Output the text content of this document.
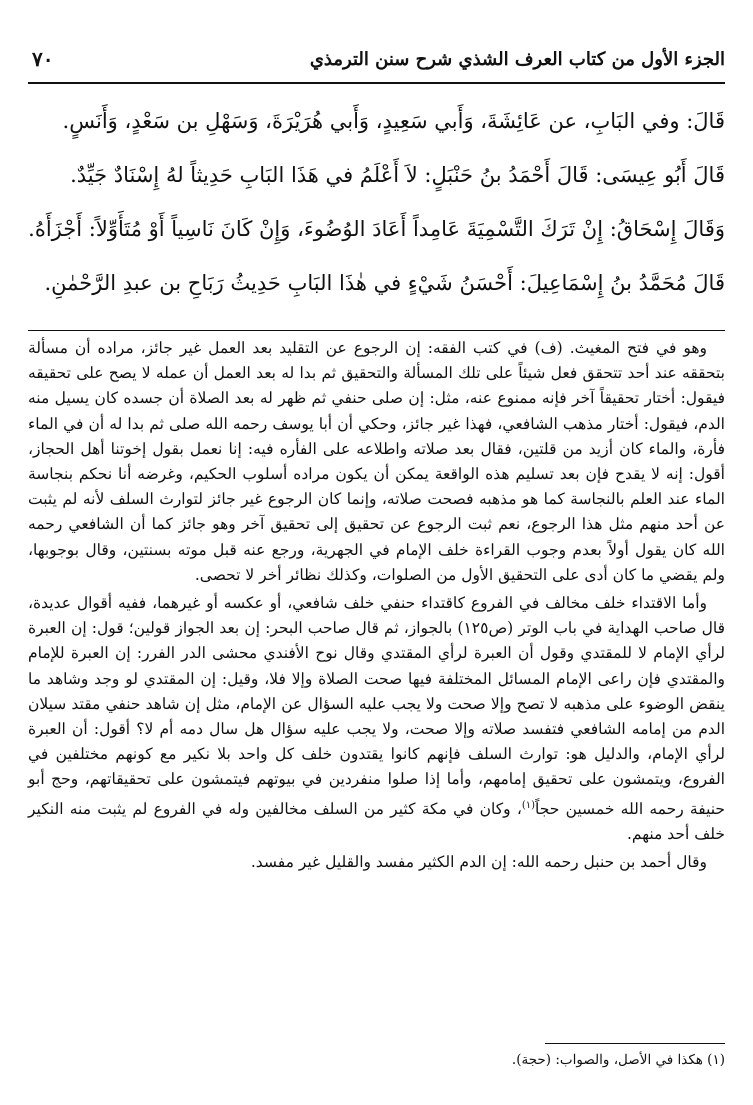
الجزء الأول من كتاب العرف الشذي شرح سنن الترمذي
٧٠
قَالَ: وفي البَابِ، عن عَائِشَةَ، وَأَبي سَعِيدٍ، وَأَبي هُرَيْرَةَ، وَسَهْلِ بن سَعْدٍ، وَأَنَسٍ.
قَالَ أَبُو عِيسَى: قَالَ أَحْمَدُ بنُ حَنْبَلٍ: لاَ أَعْلَمُ في هَذَا البَابِ حَدِيثاً لهُ إِسْنَادٌ جَيِّدٌ.
وَقَالَ إِسْحَاقُ: إِنْ تَرَكَ التَّسْمِيَةَ عَامِداً أَعَادَ الوُضُوءَ، وَإِنْ كَانَ نَاسِياً أَوْ مُتَأَوِّلاً: أَجْزَأَهُ.
قَالَ مُحَمَّدُ بنُ إِسْمَاعِيلَ: أَحْسَنُ شَيْءٍ في هٰذَا البَابِ حَدِيثُ رَبَاحِ بن عبدِ الرَّحْمٰنِ.

وهو في فتح المغيث. (ف) في كتب الفقه: إن الرجوع عن التقليد بعد العمل غير جائز، مراده أن مسألة بتحققه عند أحد تتحقق فعل شيئاً على تلك المسألة والتحقيق ثم بدا له بعد العمل أن عمله لا يصح على تحقيقه فيقول: أختار تحقيقاً آخر فإنه ممنوع عنه، مثل: إن صلى حنفي ثم ظهر له بعد الصلاة أن جسده كان يسيل منه الدم، فيقول: أختار مذهب الشافعي، فهذا غير جائز، وحكي أن أبا يوسف رحمه الله صلى ثم بدا له أن في الماء فأرة، والماء كان أزيد من قلتين، فقال بعد صلاته واطلاعه على الفأره فيه: إنا نعمل بقول إخوتنا أهل الحجاز، أقول: إنه لا يقدح فإن بعد تسليم هذه الواقعة يمكن أن يكون مراده أسلوب الحكيم، وغرضه أنا نحكم بنجاسة الماء عند العلم بالنجاسة كما هو مذهبه فصحت صلاته، وإنما كان الرجوع غير جائز لتوارث السلف لأنه لم يثبت عن أحد منهم مثل هذا الرجوع، نعم ثبت الرجوع عن تحقيق إلى تحقيق آخر وهو جائز كما أن الشافعي رحمه الله كان يقول أولاً بعدم وجوب القراءة خلف الإمام في الجهرية، ورجع عنه قبل موته بسنتين، وقال بوجوبها، ولم يقضي ما كان أدى على التحقيق الأول من الصلوات، وكذلك نظائر أخر لا تحصى.

وأما الاقتداء خلف مخالف في الفروع كاقتداء حنفي خلف شافعي، أو عكسه أو غيرهما، ففيه أقوال عديدة، قال صاحب الهداية في باب الوتر (ص١٢٥) بالجواز، ثم قال صاحب البحر: إن بعد الجواز قولين؛ قول: إن العبرة لرأي الإمام لا للمقتدي وقول أن العبرة لرأي المقتدي وقال نوح الأفندي محشى الدر الفرر: إن العبرة للإمام والمقتدي فإن راعى الإمام المسائل المختلفة فيها صحت الصلاة وإلا فلا، وقيل: إن المقتدي لو وجد وشاهد ما ينقض الوضوء على مذهبه لا تصح وإلا صحت ولا يجب عليه السؤال عن الإمام، مثل إن شاهد حنفي مقتد سيلان الدم من إمامه الشافعي فتفسد صلاته وإلا صحت، ولا يجب عليه سؤال هل سال دمه أم لا؟ أقول: أن العبرة لرأي الإمام، والدليل هو: توارث السلف فإنهم كانوا يقتدون خلف كل واحد بلا نكير مع كونهم مختلفين في الفروع، ويتمشون على تحقيق إمامهم، وأما إذا صلوا منفردين في بيوتهم فيتمشون على تحقيقاتهم، وحج أبو حنيفة رحمه الله خمسين حجاً$^{(١)}$، وكان في مكة كثير من السلف مخالفين وله في الفروع لم يثبت منه النكير خلف أحد منهم.

وقال أحمد بن حنبل رحمه الله: إن الدم الكثير مفسد والقليل غير مفسد.

(١) هكذا في الأصل، والصواب: (حجة).
